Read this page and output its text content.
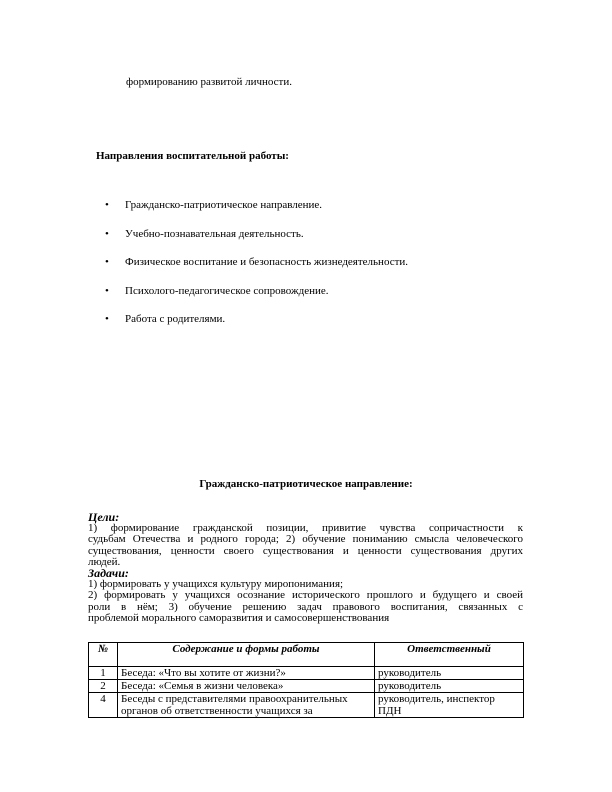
формированию развитой личности.
Направления воспитательной работы:
• Гражданско-патриотическое направление.
• Учебно-познавательная деятельность.
• Физическое воспитание и безопасность жизнедеятельности.
• Психолого-педагогическое сопровождение.
• Работа с родителями.
Гражданско-патриотическое направление:
Цели:
1) формирование гражданской позиции, привитие чувства сопричастности к
судьбам Отечества и родного города; 2) обучение пониманию смысла человеческого
существования, ценности своего существования и ценности существования других
людей.
Задачи:
1) формировать у учащихся культуру миропонимания;
2) формировать у учащихся осознание исторического прошлого и будущего и своей
роли в нём; 3) обучение решению задач правового воспитания, связанных с
проблемой морального саморазвития и самосовершенствования
№	Содержание и формы работы	Ответственный
1	Беседа: «Что вы хотите от жизни?»	руководитель
2	Беседа: «Семья в жизни человека»	руководитель
4	Беседы с представителями правоохранительных органов об ответственности учащихся за	руководитель, инспектор ПДН
